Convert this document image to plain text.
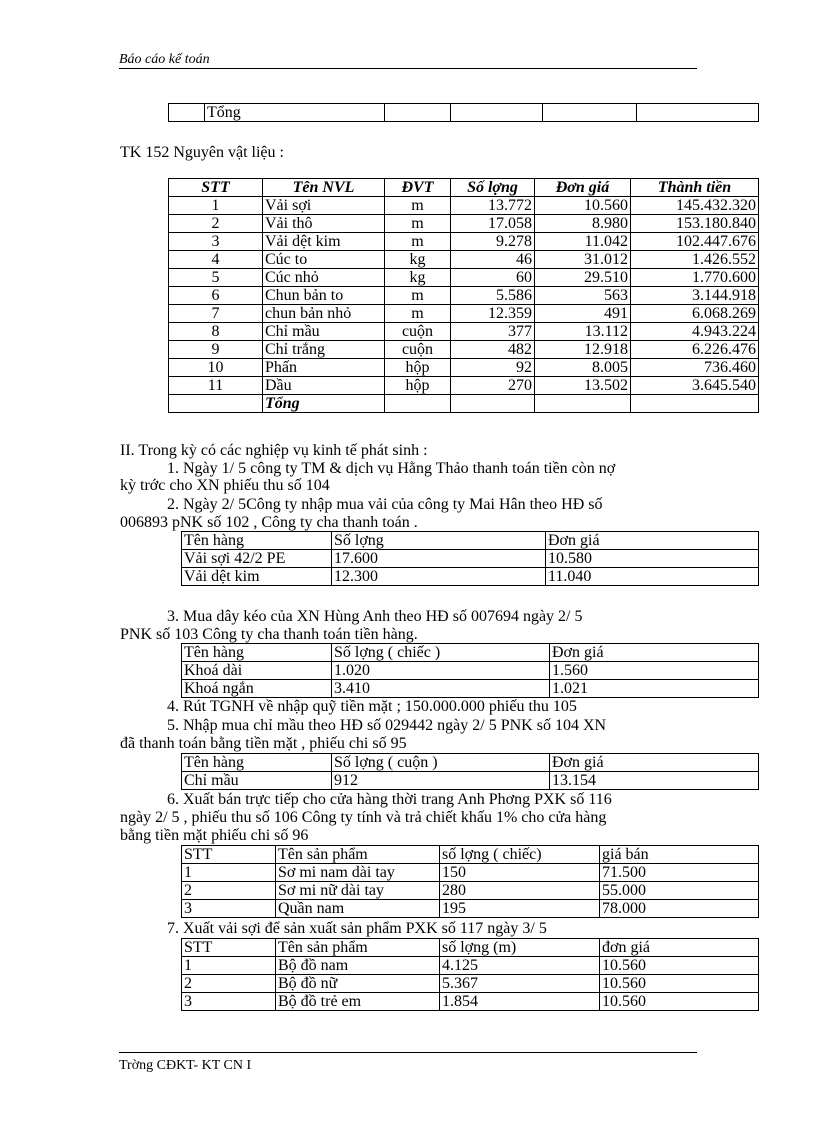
Báo cáo kế toán
	Tổng				
TK 152 Nguyên vật liệu :
STT	Tên NVL	ĐVT	Số lợng	Đơn giá	Thành tiền
1	Vải sợi	m	13.772	10.560	145.432.320
2	Vải thô	m	17.058	8.980	153.180.840
3	Vải dệt kim	m	9.278	11.042	102.447.676
4	Cúc to	kg	46	31.012	1.426.552
5	Cúc nhỏ	kg	60	29.510	1.770.600
6	Chun bản to	m	5.586	563	3.144.918
7	chun bản nhỏ	m	12.359	491	6.068.269
8	Chỉ mầu	cuộn	377	13.112	4.943.224
9	Chỉ trắng	cuộn	482	12.918	6.226.476
10	Phấn	hộp	92	8.005	736.460
11	Dầu	hộp	270	13.502	3.645.540
	Tổng				
II. Trong kỳ có các nghiệp vụ kinh tế phát sinh :
1. Ngày 1/ 5 công ty TM & dịch vụ Hằng Thảo thanh toán tiền còn nợ
kỳ trớc cho XN phiếu thu số 104
2. Ngày 2/ 5Công ty nhập mua vải của công ty Mai Hân theo HĐ số
006893 pNK số 102 , Công ty cha thanh toán .
Tên hàng	Số lợng	Đơn giá
Vải sợi 42/2 PE	17.600	10.580
Vải dệt kim	12.300	11.040
3. Mua dây kéo của XN Hùng Anh theo HĐ số 007694 ngày 2/ 5
PNK số 103 Công ty cha thanh toán tiền hàng.
Tên hàng	Số lợng ( chiếc )	Đơn giá
Khoá dài	1.020	1.560
Khoá ngắn	3.410	1.021
4. Rút TGNH về nhập quỹ tiền mặt ; 150.000.000 phiếu thu 105
5. Nhập mua chỉ mầu theo HĐ số 029442 ngày 2/ 5 PNK số 104 XN
đã thanh toán bằng tiền mặt , phiếu chi số 95
Tên hàng	Số lợng ( cuộn )	Đơn giá
Chỉ mầu	912	13.154
6. Xuất bán trực tiếp cho cửa hàng thời trang Anh Phơng PXK số 116
ngày 2/ 5 , phiếu thu số 106 Công ty tính và trả chiết khấu 1% cho cửa hàng
bằng tiền mặt phiếu chi số 96
STT	Tên sản phẩm	số lợng ( chiếc)	giá bán
1	Sơ mi nam dài tay	150	71.500
2	Sơ mi nữ dài tay	280	55.000
3	Quần nam	195	78.000
7. Xuất vải sợi để sản xuất sản phẩm PXK số 117 ngày 3/ 5
STT	Tên sản phẩm	số lợng (m)	đơn giá
1	Bộ đồ nam	4.125	10.560
2	Bộ đồ nữ	5.367	10.560
3	Bộ đồ trẻ em	1.854	10.560
Trờng CĐKT- KT CN I
